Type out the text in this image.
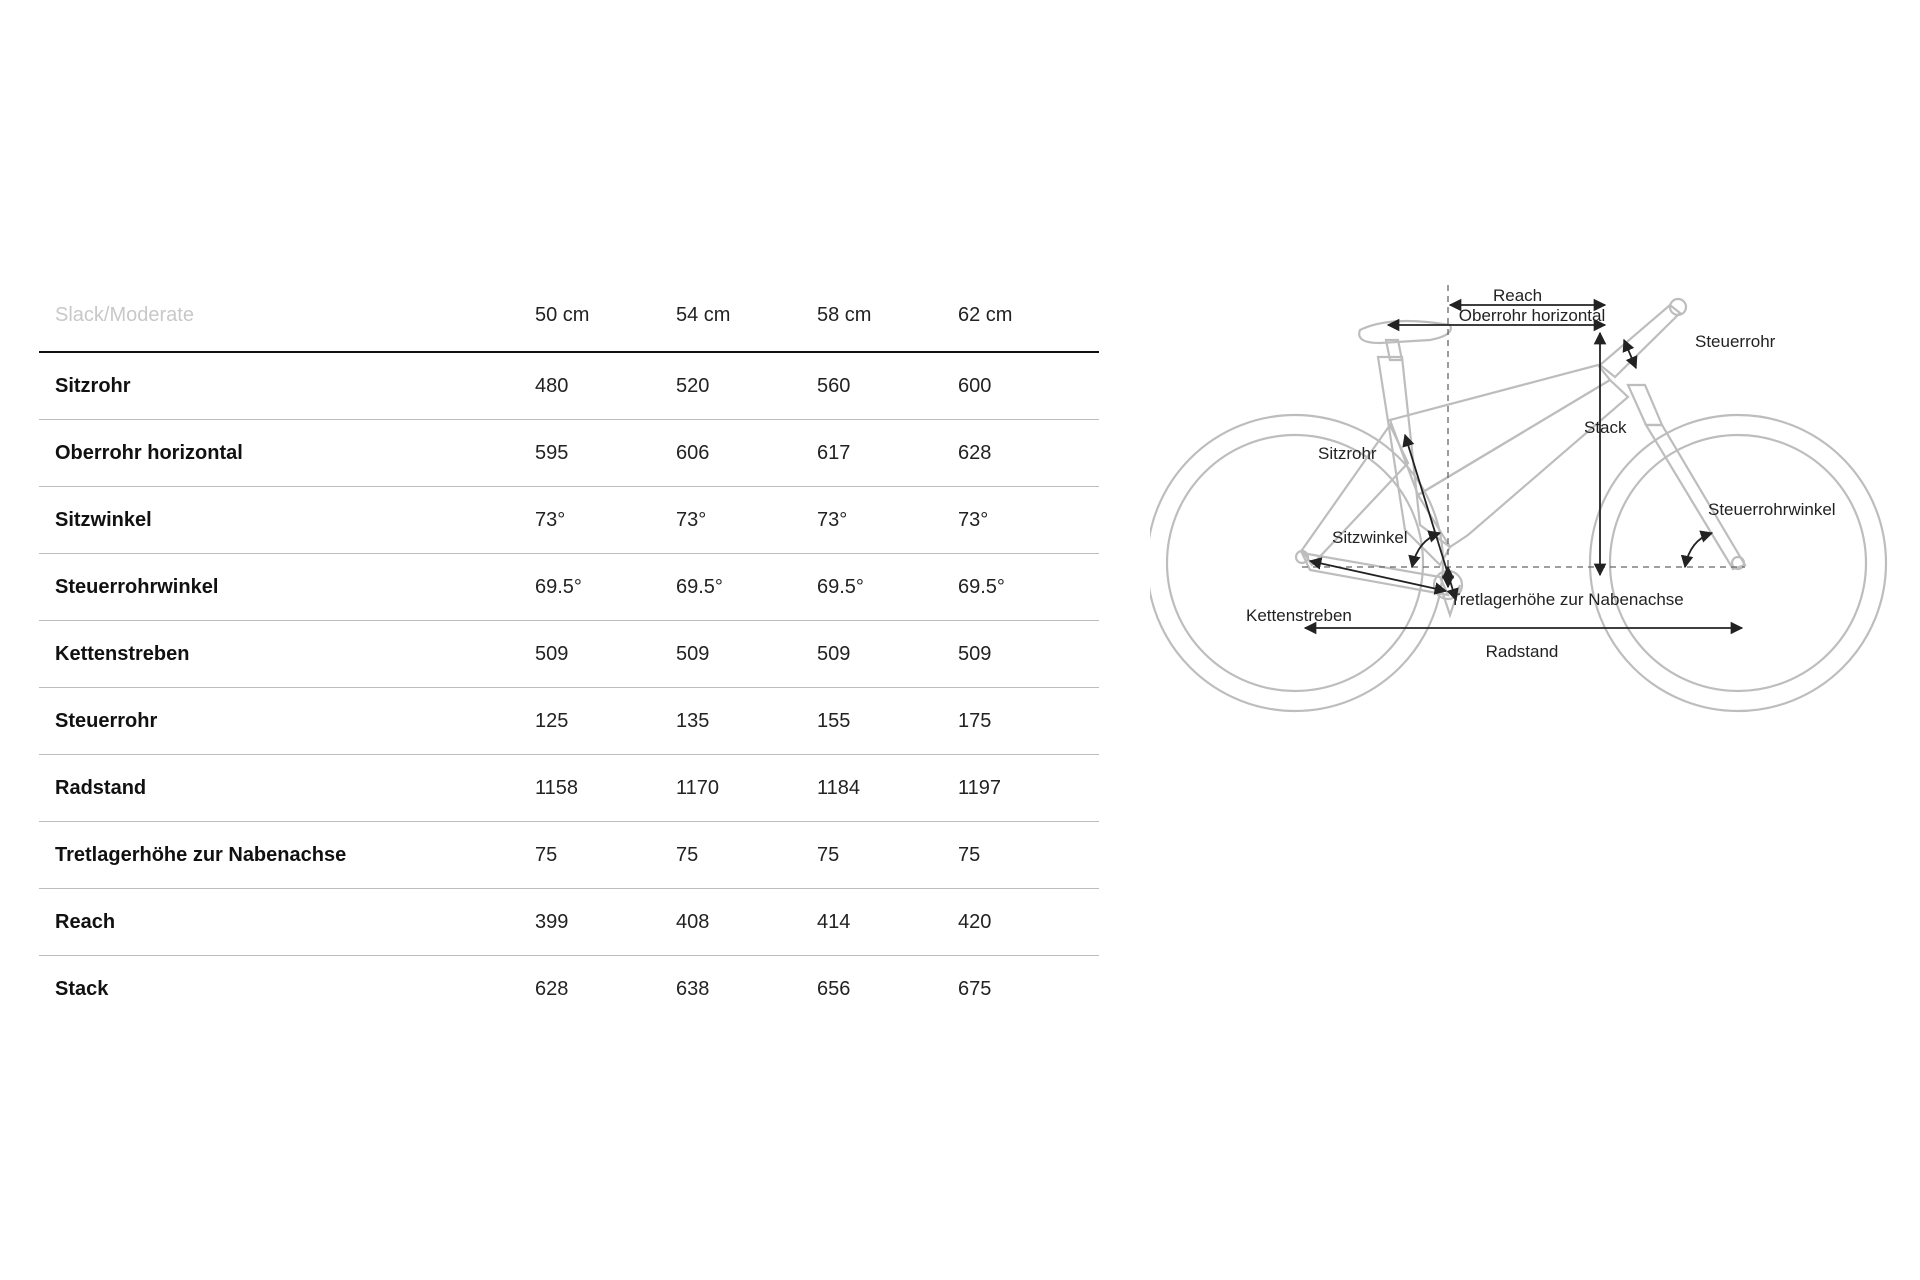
Slack/Moderate	50 cm	54 cm	58 cm	62 cm
Sitzrohr	480	520	560	600
Oberrohr horizontal	595	606	617	628
Sitzwinkel	73°	73°	73°	73°
Steuerrohrwinkel	69.5°	69.5°	69.5°	69.5°
Kettenstreben	509	509	509	509
Steuerrohr	125	135	155	175
Radstand	1158	1170	1184	1197
Tretlagerhöhe zur Nabenachse	75	75	75	75
Reach	399	408	414	420
Stack	628	638	656	675
Reach
Oberrohr horizontal
Steuerrohr
Stack
Sitzrohr
Steuerrohrwinkel
Sitzwinkel
Tretlagerhöhe zur Nabenachse
Kettenstreben
Radstand
